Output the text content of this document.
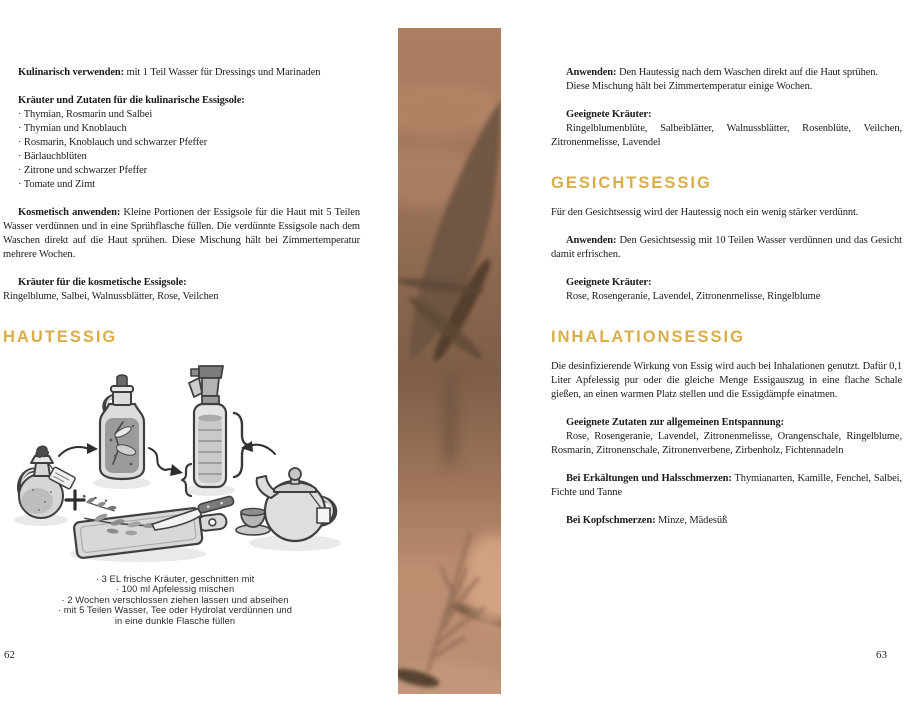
Kulinarisch verwenden: mit 1 Teil Wasser für Dressings und Marinaden

Kräuter und Zutaten für die kulinarische Essigsole:
· Thymian, Rosmarin und Salbei
· Thymian und Knoblauch
· Rosmarin, Knoblauch und schwarzer Pfeffer
· Bärlauchblüten
· Zitrone und schwarzer Pfeffer
· Tomate und Zimt

Kosmetisch anwenden: Kleine Portionen der Essigsole für die Haut mit 5 Teilen Wasser verdünnen und in eine Sprühflasche füllen. Die verdünnte Essigsole nach dem Waschen direkt auf die Haut sprühen. Diese Mischung hält bei Zimmertemperatur mehrere Wochen.

Kräuter für die kosmetische Essigsole:

Ringelblume, Salbei, Walnussblätter, Rose, Veilchen

HAUTESSIG
· 3 EL frische Kräuter, geschnitten mit
· 100 ml Apfelessig mischen
· 2 Wochen verschlossen ziehen lassen und abseihen
· mit 5 Teilen Wasser, Tee oder Hydrolat verdünnen und
in eine dunkle Flasche füllen

Anwenden: Den Hautessig nach dem Waschen direkt auf die Haut sprühen.
Diese Mischung hält bei Zimmertemperatur einige Wochen.

Geeignete Kräuter:

Ringelblumenblüte, Salbeiblätter, Walnussblätter, Rosenblüte, Veilchen, Zitronenmelisse, Lavendel

GESICHTSESSIG

Für den Gesichtsessig wird der Hautessig noch ein wenig stärker verdünnt.

Anwenden: Den Gesichtsessig mit 10 Teilen Wasser verdünnen und das Gesicht damit erfrischen.

Geeignete Kräuter:

Rose, Rosengeranie, Lavendel, Zitronenmelisse, Ringelblume

INHALATIONSESSIG

Die desinfizierende Wirkung von Essig wird auch bei Inhalationen genutzt. Dafür 0,1 Liter Apfelessig pur oder die gleiche Menge Essigauszug in eine flache Schale gießen, an einen warmen Platz stellen und die Essigdämpfe einatmen.

Geeignete Zutaten zur allgemeinen Entspannung:

Rose, Rosengeranie, Lavendel, Zitronenmelisse, Orangenschale, Ringelblume, Rosmarin, Zitronenschale, Zitronenverbene, Zirbenholz, Fichtennadeln

Bei Erkältungen und Halsschmerzen: Thymianarten, Kamille, Fenchel, Salbei, Fichte und Tanne

Bei Kopfschmerzen: Minze, Mädesüß

62	63
